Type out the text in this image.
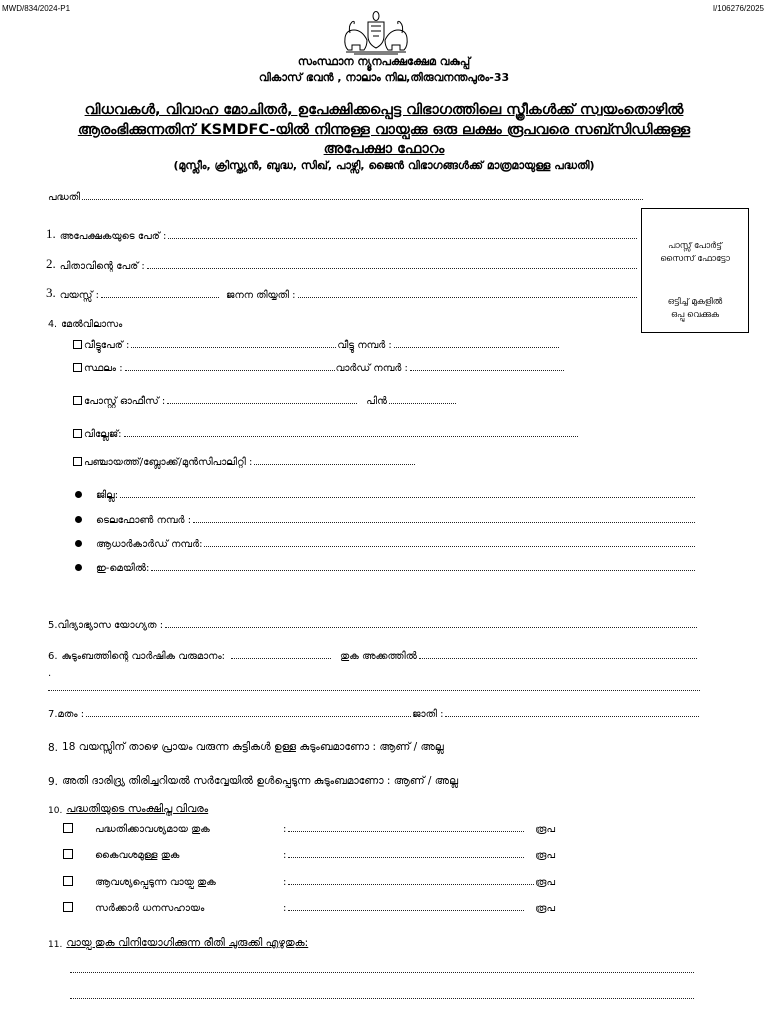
MWD/834/2024-P1	I/106276/2025
സംസ്ഥാന ന്യൂനപക്ഷക്ഷേമ വകുപ്പ്
വികാസ് ഭവൻ , നാലാം നില,തിരുവനന്തപുരം-33
വിധവകൾ, വിവാഹ മോചിതർ, ഉപേക്ഷിക്കപ്പെട്ട വിഭാഗത്തിലെ സ്ത്രീകൾക്ക് സ്വയംതൊഴിൽ
ആരംഭിക്കുന്നതിന് KSMDFC-യിൽ നിന്നുള്ള വായ്പക്കു ഒരു ലക്ഷം രൂപവരെ സബ്സിഡിക്കുള്ള
അപേക്ഷാ ഫോറം
(മുസ്ലീം, ക്രിസ്ത്യൻ, ബുദ്ധ, സിഖ്, പാഴ്സി, ജൈൻ വിഭാഗങ്ങൾക്ക് മാത്രമായുള്ള പദ്ധതി)
പാസ്സ് പോർട്ട്
സൈസ് ഫോട്ടോ
ഒട്ടിച്ച് മുകളിൽ
ഒപ്പു വെക്കുക
പദ്ധതി
1. അപേക്ഷകയുടെ പേര് :
2. പിതാവിന്റെ പേര് :
3. വയസ്സ് :	ജനന തിയ്യതി :
4. മേൽവിലാസം
വീട്ടുപേര് :	വീട്ടു നമ്പർ :
സ്ഥലം :	വാർഡ് നമ്പർ :
പോസ്റ്റ് ഓഫീസ് :	പിൻ
വില്ലേജ്:
പഞ്ചായത്ത്/ബ്ലോക്ക്/മുൻസിപാലിറ്റി :
ജില്ല:
ടെലഫോൺ നമ്പർ :
ആധാർകാർഡ് നമ്പർ:
ഇ-മെയിൽ:
5.വിദ്യാഭ്യാസ യോഗ്യത :
6. കുടുംബത്തിന്റെ വാർഷിക വരുമാനം:	തുക അക്കത്തിൽ
.
7.മതം :	ജാതി :
8. 18 വയസ്സിന് താഴെ പ്രായം വരുന്ന കുട്ടികൾ ഉള്ള കുടുംബമാണോ : ആണ് / അല്ല
9. അതി ദാരിദ്ര്യ തിരിച്ചറിയൽ സർവ്വേയിൽ ഉൾപ്പെടുന്ന കുടുംബമാണോ : ആണ് / അല്ല
10. പദ്ധതിയുടെ സംക്ഷിപ്ത വിവരം
പദ്ധതിക്കാവശ്യമായ തുക	:	രൂപ
കൈവശമുള്ള തുക	:	രൂപ
ആവശ്യപ്പെടുന്ന വായ്പ തുക	:	രൂപ
സർക്കാർ ധനസഹായം	:	രൂപ
11. വായ്പ തുക വിനിയോഗിക്കുന്ന രീതി ചുരുക്കി എഴുതുക:
